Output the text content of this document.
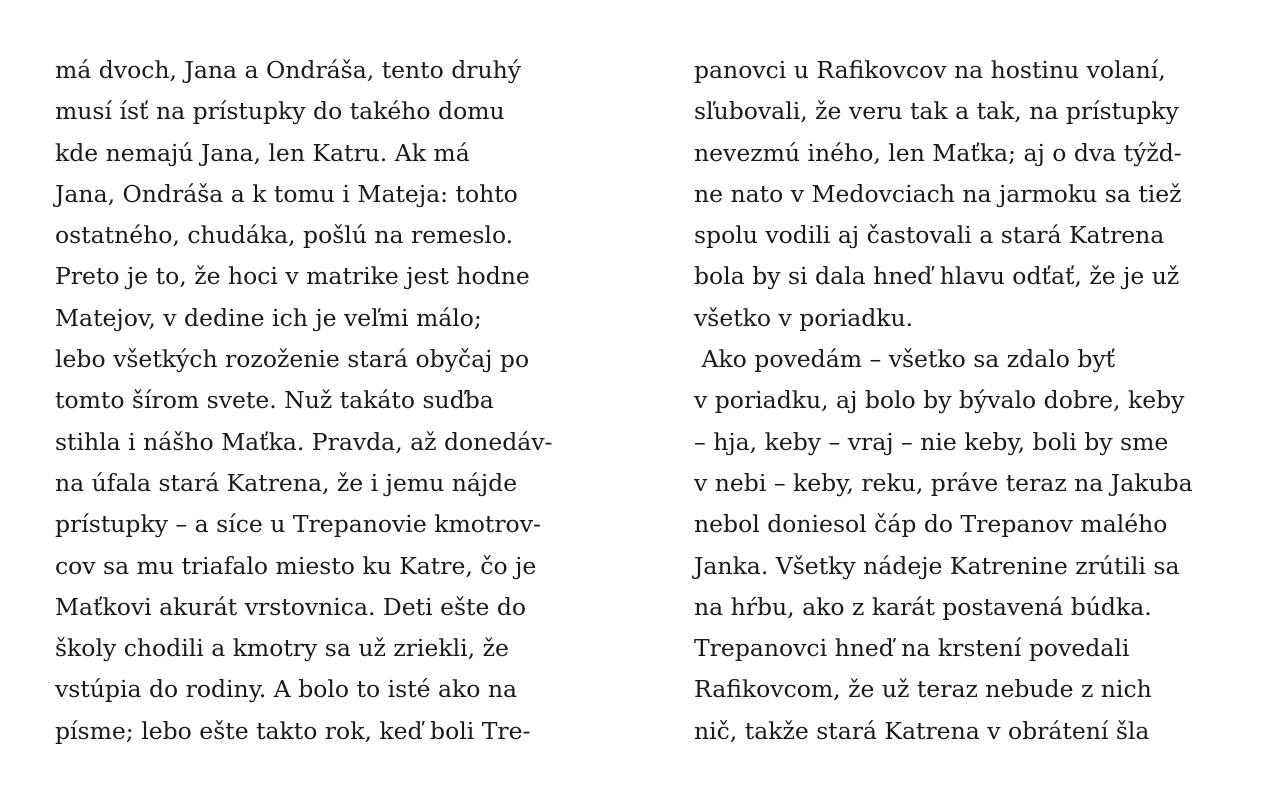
má dvoch, Jana a Ondráša, tento druhý
musí ísť na prístupky do takého domu
kde nemajú Jana, len Katru. Ak má
Jana, Ondráša a k tomu i Mateja: tohto
ostatného, chudáka, pošlú na remeslo.
Preto je to, že hoci v matrike jest hodne
Matejov, v dedine ich je veľmi málo;
lebo všetkých rozoženie stará obyčaj po
tomto šírom svete. Nuž takáto suďba
stihla i nášho Maťka. Pravda, až donedáv-
na úfala stará Katrena, že i jemu nájde
prístupky – a síce u Trepanovie kmotrov-
cov sa mu triafalo miesto ku Katre, čo je
Maťkovi akurát vrstovnica. Deti ešte do
školy chodili a kmotry sa už zriekli, že
vstúpia do rodiny. A bolo to isté ako na
písme; lebo ešte takto rok, keď boli Tre-
panovci u Rafikovcov na hostinu volaní,
sľubovali, že veru tak a tak, na prístupky
nevezmú iného, len Maťka; aj o dva týžd-
ne nato v Medovciach na jarmoku sa tiež
spolu vodili aj častovali a stará Katrena
bola by si dala hneď hlavu odťať, že je už
všetko v poriadku.
Ako povedám – všetko sa zdalo byť
v poriadku, aj bolo by bývalo dobre, keby
– hja, keby – vraj – nie keby, boli by sme
v nebi – keby, reku, práve teraz na Jakuba
nebol doniesol čáp do Trepanov malého
Janka. Všetky nádeje Katrenine zrútili sa
na hŕbu, ako z karát postavená búdka.
Trepanovci hneď na krstení povedali
Rafikovcom, že už teraz nebude z nich
nič, takže stará Katrena v obrátení šla
